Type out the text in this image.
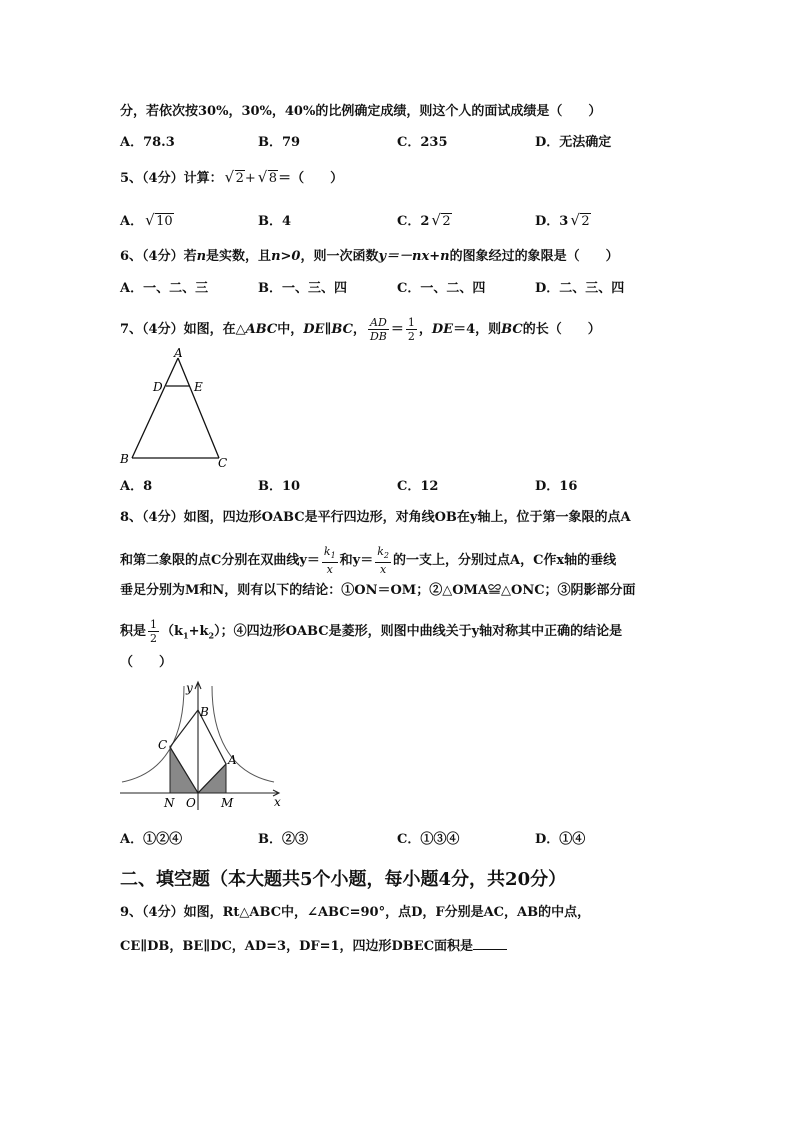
分，若依次按30%，30%，40%的比例确定成绩，则这个人的面试成绩是（　　）
A．78.3	B．79	C．235	D．无法确定
5、（4分）计算： √ 2+ √ 8＝（　　）
A． √ 10	B．4	C．2 √ 2	D．3 √ 2
6、（4分）若n是实数，且n>0，则一次函数y＝－nx+n的图象经过的象限是（　　）
A．一、二、三	B．一、三、四	C．一、二、四	D．二、三、四
7、（4分）如图，在△ABC中，DE∥BC， $\frac{AD}{DB} = \frac{1}{2}$ ，DE＝4，则BC的长（　　）
A
D	E
B	C
A．8	B．10	C．12	D．16
8、（4分）如图，四边形OABC是平行四边形，对角线OB在y轴上，位于第一象限的点A
和第二象限的点C分别在双曲线$y= \frac{k_1}{x}$ 和$y= \frac{k_2}{x}$ 的一支上，分别过点A，C作x轴的垂线
垂足分别为M和N，则有以下的结论：①ON＝OM；②△OMA≌△ONC；③阴影部分面
积是 $\frac{1}{2} (k_1+k_2)$；④四边形OABC是菱形，则图中曲线关于y轴对称其中正确的结论是
（　　）
y
B
C
A
N O M	x
A．①②④	B．②③	C．①③④	D．①④
二、填空题（本大题共5个小题，每小题4分，共20分）
9、（4分）如图，Rt△ABC中，∠ABC=90°，点D，F分别是AC，AB的中点，
CE∥DB，BE∥DC，AD=3，DF=1，四边形DBEC面积是
